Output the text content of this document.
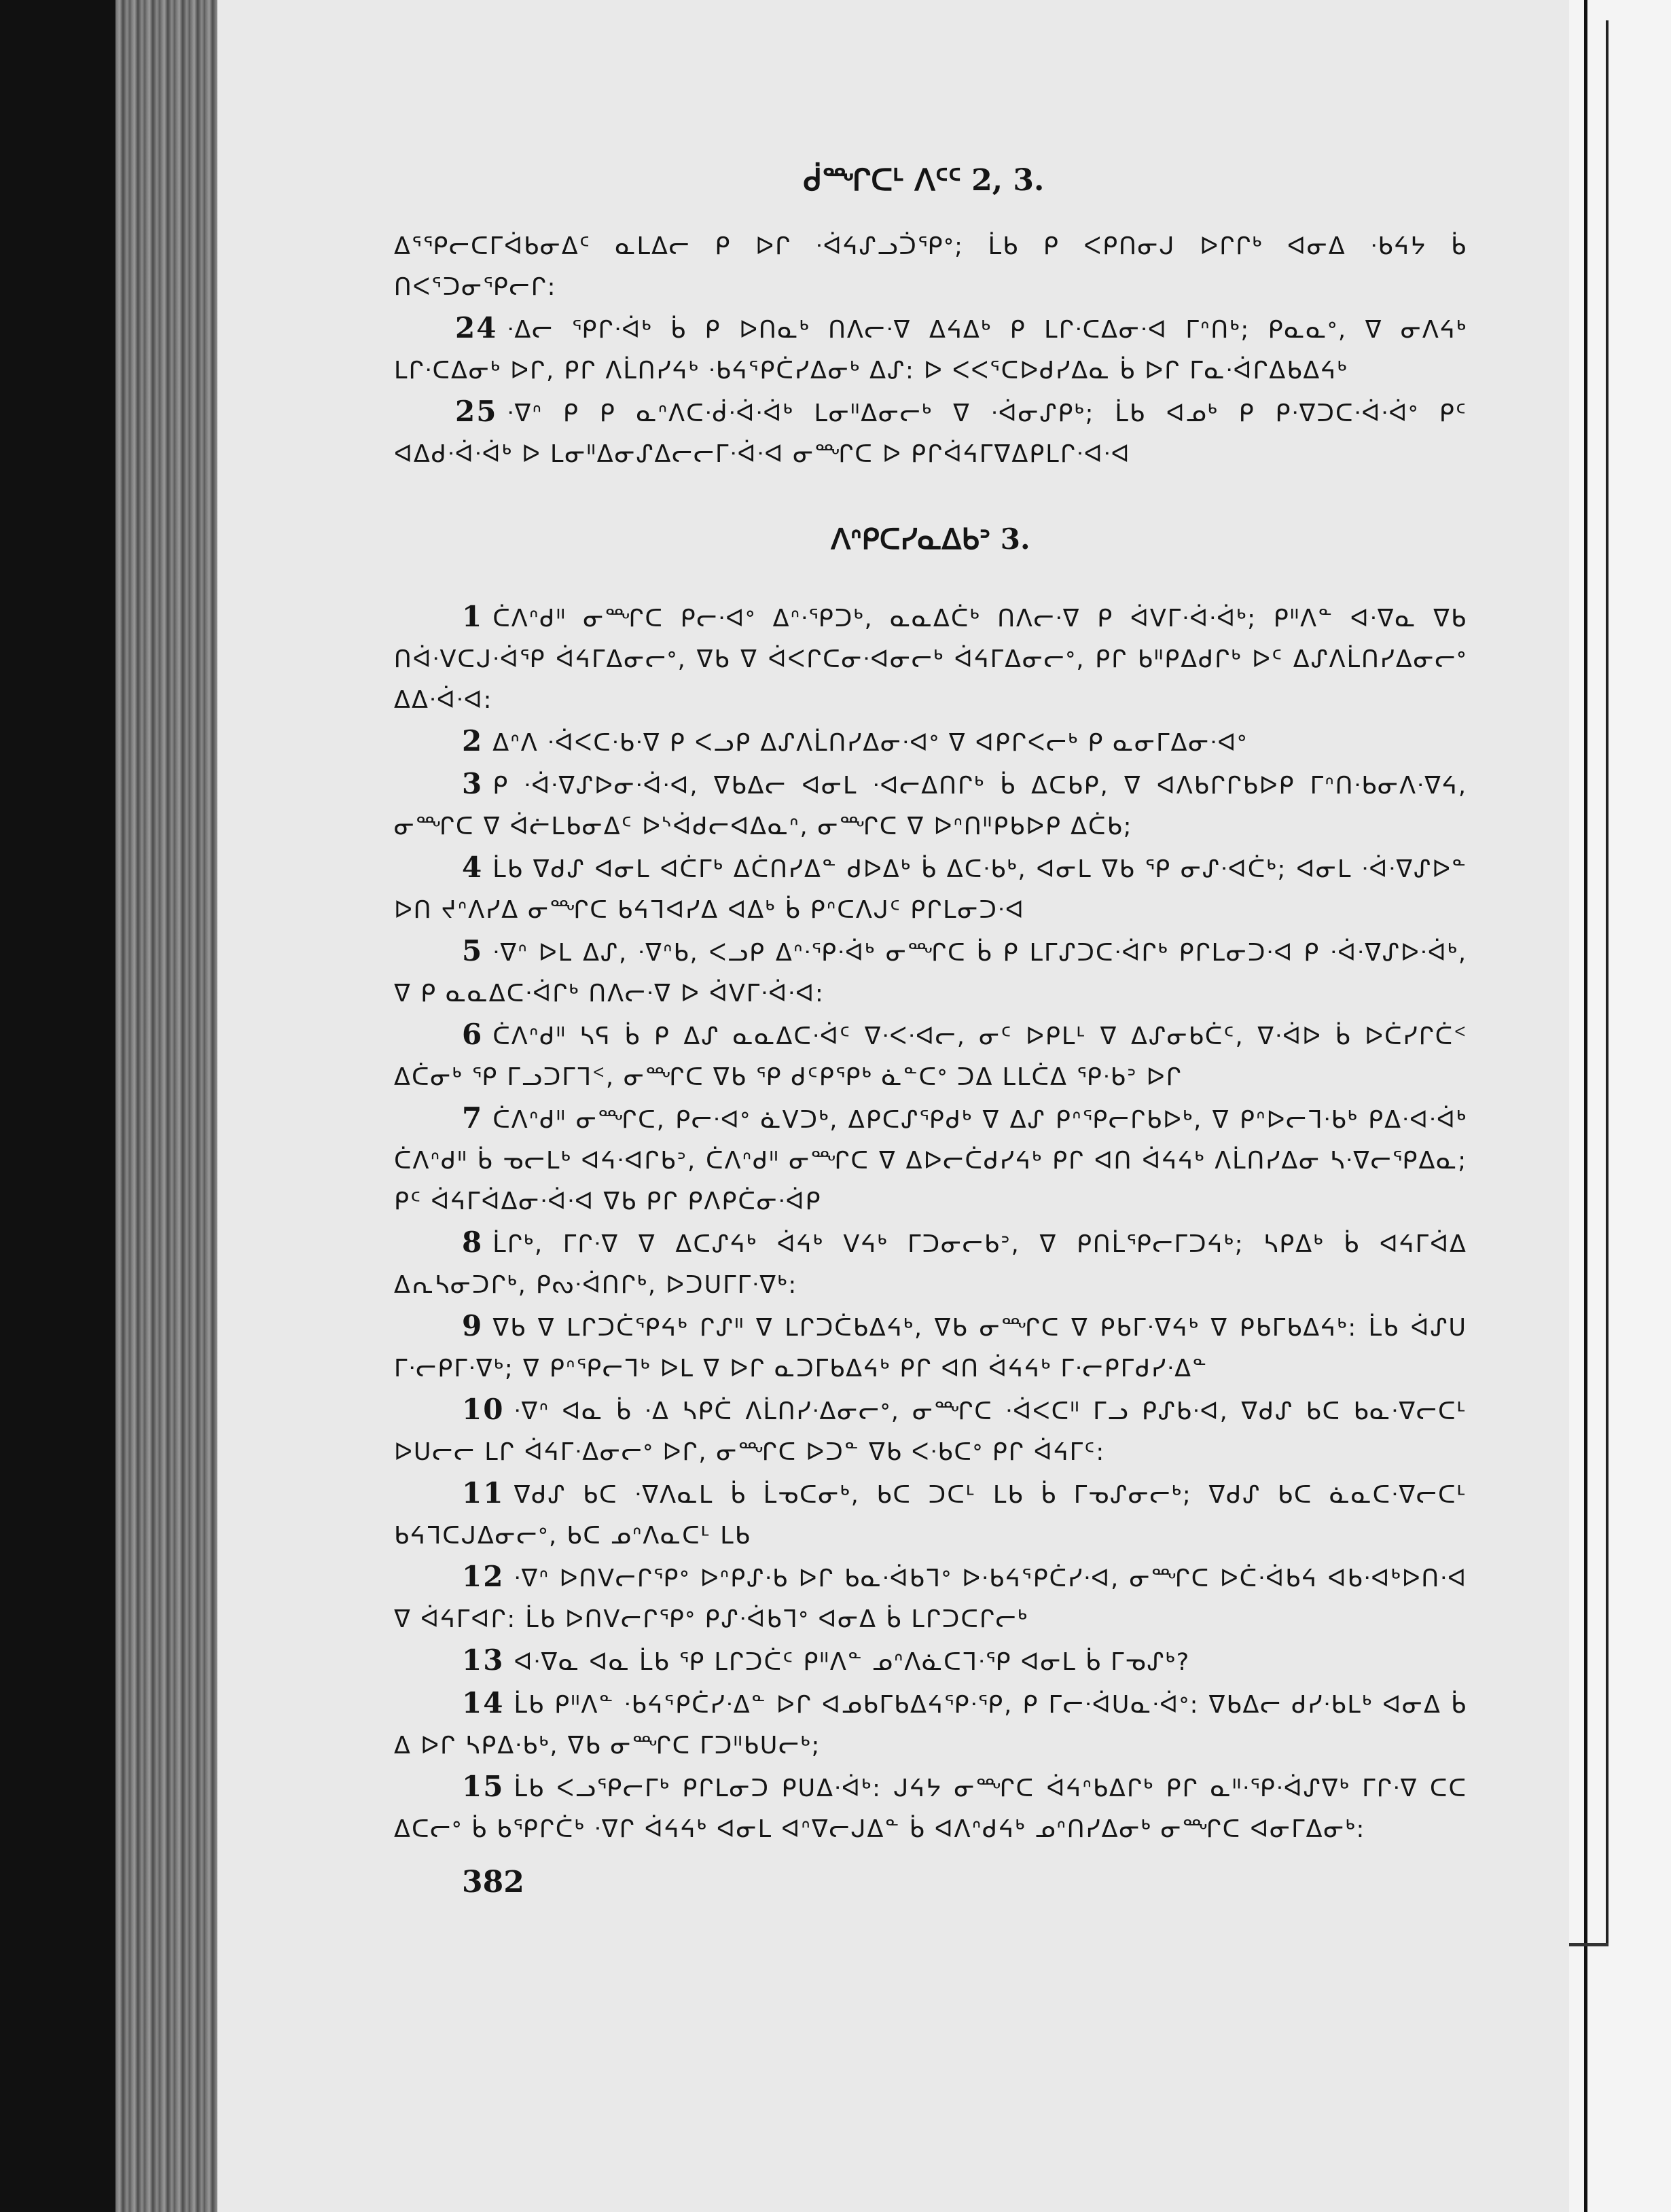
ᑰᙱᑕᒻ ᐱᑦᑦ 2, 3.

ᐃᕐᕿᓕᑕᒥᐋᑲᓂᐃᑦ ᓇᒪᐃᓕ ᑭ ᐅᒋ ᐧᐋᔦᔑᓗᑑᕿᐤ; ᒫᑲ ᑭ ᐸᑭᑎᓂᒍ ᐅᒋᒋᒃ ᐊᓂᐃ ᐧᑲᔦᔭ ᑳ ᑎᐸᕐᑐᓂᕿᓕᒋ:

24 ᐧᐃᓕ ᕿᒋᐧᐋᒃ ᑳ ᑭ ᐅᑎᓇᒃ ᑎᐱᓕᐧᐁ ᐃᔦᐃᒃ ᑭ ᒪᒋᐧᑕᐃᓂᐧᐊ ᒥᐢᑎᒃ; ᑭᓇᓇᐤ, ᐁ ᓂᐱᔦᒃ ᒪᒋᐧᑕᐃᓂᒃ ᐅᒋ, ᑭᒋ ᐱᒫᑎᓯᔦᒃ ᐧᑲᔦᕐᑭᑖᓯᐃᓂᒃ ᐃᔑ: ᐅ ᐸᐸᕐᑕᐅᑯᓯᐃᓇ ᑳ ᐅᒋ ᒥᓇᐧᐋᒋᐃᑲᐃᔦᒃ

25 ᐧᐁᐢ ᑭ ᑭ ᓇᐢᐱᑕᐧᑰᐧᐋᐧᐋᒃ ᒪᓂᐦᐃᓂᓕᒃ ᐁ ᐧᐋᓂᔑᑭᒃ; ᒫᑲ ᐊᓄᒃ ᑭ ᑭᐧᐁᑐᑕᐧᐋᐧᐋᐤ ᑭᑦ ᐊᐃᑯᐧᐋᐧᐋᒃ ᐅ ᒪᓂᐦᐃᓂᔑᐃᓕᓕᒥᐧᐋᐧᐊ ᓂᙱᑕ ᐅ ᑭᒋᐋᔦᒥᐁᐃᑭᒪᒋᐧᐊᐧᐊ

ᐱᐢᑭᑕᓯᓇᐃᑲᐣ 3.

1 ᑖᐱᐢᑯᐦ ᓂᙱᑕ ᑭᓕᐧᐊᐤ ᐃᐢᐧᕿᑐᒃ, ᓇᓇᐃᑖᒃ ᑎᐱᓕᐧᐁ ᑭ ᐋᐯᒥᐧᐋᐧᐋᒃ; ᑭᐦᐱᓐ ᐊᐧᐁᓇ ᐁᑲ ᑎᐋᐧᐯᑕᒍᐧᐋᕿ ᐋᔦᒥᐃᓂᓕᐤ, ᐁᑲ ᐁ ᐋᐸᒋᑕᓂᐧᐊᓂᓕᒃ ᐋᔦᒥᐃᓂᓕᐤ, ᑭᒋ ᑲᐦᑭᐃᑯᒋᒃ ᐅᑦ ᐃᔑᐱᒫᑎᓯᐃᓂᓕᐤ ᐃᐃᐧᐋᐧᐊ:

2 ᐃᐢᐱ ᐧᐋᐸᑕᐧᑲᐧᐁ ᑭ ᐸᓗᑭ ᐃᔑᐱᒫᑎᓯᐃᓂᐧᐊᐤ ᐁ ᐊᑭᒋᐸᓕᒃ ᑭ ᓇᓂᒥᐃᓂᐧᐊᐤ

3 ᑭ ᐧᐋᐧᐁᔑᐅᓂᐧᐋᐧᐊ, ᐁᑲᐃᓕ ᐊᓂᒪ ᐧᐊᓕᐃᑎᒋᒃ ᑳ ᐃᑕᑲᑭ, ᐁ ᐊᐱᑲᒋᒋᑲᐅᑭ ᒥᐢᑎᐧᑲᓂᐱᐧᐁᔦ, ᓂᙱᑕ ᐁ ᐋᓖᒪᑲᓂᐃᑦ ᐅᔅᐋᑯᓕᐊᐃᓇᐢ, ᓂᙱᑕ ᐁ ᐅᐢᑎᐦᑭᑲᐅᑭ ᐃᑖᑲ;

4 ᒫᑲ ᐁᑯᔑ ᐊᓂᒪ ᐊᑖᒥᒃ ᐃᑖᑎᓯᐃᓐ ᑯᐅᐃᒃ ᑳ ᐃᑕᐧᑲᒃ, ᐊᓂᒪ ᐁᑲ ᕿ ᓂᔑᐧᐊᑖᒃ; ᐊᓂᒪ ᐧᐋᐧᐁᔑᐅᓐ ᐅᑎ ᔪᐢᐱᓯᐃ ᓂᙱᑕ ᑲᔦᒣᐊᓯᐃ ᐊᐃᒃ ᑳ ᑭᐢᑕᐱᒍᑦ ᑭᒋᒪᓂᑐᐧᐊ

5 ᐧᐁᐢ ᐅᒪ ᐃᔑ, ᐧᐁᐢᑲ, ᐸᓗᑭ ᐃᐢᐧᕿᐧᐋᒃ ᓂᙱᑕ ᑳ ᑭ ᒪᒥᔑᑐᑕᐧᐋᒋᒃ ᑭᒋᒪᓂᑐᐧᐊ ᑭ ᐧᐋᐧᐁᔑᐅᐧᐋᒃ, ᐁ ᑭ ᓇᓇᐃᑕᐧᐋᒋᒃ ᑎᐱᓕᐧᐁ ᐅ ᐋᐯᒥᐧᐋᐧᐊ:

6 ᑖᐱᐢᑯᐦ ᓴᕋ ᑳ ᑭ ᐃᔑ ᓇᓇᐃᑕᐧᐋᑦ ᐁᐧᐸᐧᐊᓕ, ᓂᑦ ᐅᑭᒪᒻ ᐁ ᐃᔑᓂᑲᑖᑦ, ᐁᐧᐋᐅ ᑳ ᐅᑖᓯᒋᑖᑉ ᐃᑖᓂᒃ ᕿ ᒥᓗᑐᒥᒣᑉ, ᓂᙱᑕ ᐁᑲ ᕿ ᑯᑦᑭᕿᒃ ᓈᓐᑕᐤ ᑐᐃ ᒪᒪᑖᐃ ᕿᐧᑲᐣ ᐅᒋ

7 ᑖᐱᐢᑯᐦ ᓂᙱᑕ, ᑭᓕᐧᐊᐤ ᓈᐯᑐᒃ, ᐃᑭᑕᔑᕿᑯᒃ ᐁ ᐃᔑ ᑭᐢᕿᓕᒋᑲᐅᒃ, ᐁ ᑭᐢᐅᓕᒣᐧᑲᒃ ᑭᐃᐧᐊᐧᐋᒃ ᑖᐱᐢᑯᐦ ᑳ ᓀᓕᒪᒃ ᐊᔦᐧᐊᒋᑲᐣ, ᑖᐱᐢᑯᐦ ᓂᙱᑕ ᐁ ᐃᐅᓕᑖᑯᓯᔦᒃ ᑭᒋ ᐊᑎ ᐋᔦᔦᒃ ᐱᒫᑎᓯᐃᓂ ᓴᐧᐁᓕᕿᐃᓇ; ᑭᑦ ᐋᔦᒥᐋᐃᓂᐧᐋᐧᐊ ᐁᑲ ᑭᒋ ᑭᐱᑭᑖᓂᐧᐋᑭ

8 ᒫᒋᒃ, ᒥᒋᐧᐁ ᐁ ᐃᑕᔑᔦᒃ ᐋᔦᒃ ᐯᔦᒃ ᒥᑐᓂᓕᑲᐣ, ᐁ ᑭᑎᒫᕿᓕᒥᑐᔦᒃ; ᓴᑭᐃᒃ ᑳ ᐊᔦᒥᐋᐃ ᐃᕆᓴᓂᑐᒋᒃ, ᑭᔓᐧᐋᑎᒋᒃ, ᐅᑐᑌᒥᒥᐧᐁᒃ:

9 ᐁᑲ ᐁ ᒪᒋᑐᑖᕿᔦᒃ ᒋᔑᐦ ᐁ ᒪᒋᑐᑖᑲᐃᔦᒃ, ᐁᑲ ᓂᙱᑕ ᐁ ᑭᑲᒥᐧᐁᔦᒃ ᐁ ᑭᑲᒥᑲᐃᔦᒃ: ᒫᑲ ᐋᔑᑌ ᒥᐧᓕᑭᒥᐧᐁᒃ; ᐁ ᑭᐢᕿᓕᒣᒃ ᐅᒪ ᐁ ᐅᒋ ᓇᑐᒥᑲᐃᔦᒃ ᑭᒋ ᐊᑎ ᐋᔦᔦᒃ ᒥᐧᓕᑭᒥᑯᓯᐧᐃᓐ

10 ᐧᐁᐢ ᐊᓇ ᑳ ᐧᐃ ᓴᑭᑖ ᐱᒫᑎᓯᐧᐃᓂᓕᐤ, ᓂᙱᑕ ᐧᐋᐸᑕᐦ ᒥᓗ ᑭᔑᑲᐧᐊ, ᐁᑯᔑ ᑲᑕ ᑲᓇᐧᐁᓕᑕᒻ ᐅᑌᓕᓕ ᒪᒋ ᐋᔦᒥᐧᐃᓂᓕᐤ ᐅᒋ, ᓂᙱᑕ ᐅᑐᓐ ᐁᑲ ᐸᐧᑲᑕᐤ ᑭᒋ ᐋᔦᒥᑦ:

11 ᐁᑯᔑ ᑲᑕ ᐧᐁᐱᓇᒪ ᑳ ᒫᓀᑕᓂᒃ, ᑲᑕ ᑐᑕᒻ ᒪᑲ ᑳ ᒥᓀᔑᓂᓕᒃ; ᐁᑯᔑ ᑲᑕ ᓈᓇᑕᐧᐁᓕᑕᒻ ᑲᔦᒣᑕᒍᐃᓂᓕᐤ, ᑲᑕ ᓄᐢᐱᓇᑕᒻ ᒪᑲ

12 ᐧᐁᐢ ᐅᑎᐯᓕᒋᕿᐤ ᐅᐢᑭᔑᐧᑲ ᐅᒋ ᑲᓇᐧᐋᑲᒣᐤ ᐅᐧᑲᔦᕐᑭᑖᓯᐧᐊ, ᓂᙱᑕ ᐅᑖᐧᐋᑲᔦ ᐊᑲᐧᐊᒃᐅᑎᐧᐊ ᐁ ᐋᔦᒥᐊᒋ: ᒫᑲ ᐅᑎᐯᓕᒋᕿᐤ ᑭᔑᐧᐋᑲᒣᐤ ᐊᓂᐃ ᑳ ᒪᒋᑐᑕᒋᓕᒃ

13 ᐊᐧᐁᓇ ᐊᓇ ᒫᑲ ᕿ ᒪᒋᑐᑖᑦ ᑭᐦᐱᓐ ᓄᐢᐱᓈᑕᒣᐧᕿ ᐊᓂᒪ ᑳ ᒥᓀᔑᒃ?

14 ᒫᑲ ᑭᐦᐱᓐ ᐧᑲᔦᕐᑭᑖᓯᐧᐃᓐ ᐅᒋ ᐊᓄᑲᒥᑲᐃᔦᕿᐧᕿ, ᑭ ᒥᓕᐧᐋᑌᓇᐧᐋᐤ: ᐁᑲᐃᓕ ᑯᓯᐧᑲᒪᒃ ᐊᓂᐃ ᑳ ᐃ ᐅᒋ ᓴᑭᐃᐧᑲᒃ, ᐁᑲ ᓂᙱᑕ ᒥᑐᐦᑲᑌᓕᒃ;

15 ᒫᑲ ᐸᓗᕿᓕᒥᒃ ᑭᒋᒪᓂᑐ ᑭᑌᐃᐧᐋᒃ: ᒍᔦᔭ ᓂᙱᑕ ᐋᔦᐢᑲᐃᒋᒃ ᑭᒋ ᓇᐦᐧᕿᐧᐋᔑᐁᒃ ᒥᒋᐧᐁ ᑕᑕ ᐃᑕᓕᐤ ᑳ ᑲᕿᒋᑖᒃ ᐧᐁᒋ ᐋᔦᔦᒃ ᐊᓂᒪ ᐊᐢᐁᓕᒍᐃᓐ ᑳ ᐊᐱᐢᑯᔦᒃ ᓄᐢᑎᓯᐃᓂᒃ ᓂᙱᑕ ᐊᓂᒥᐃᓂᒃ:

382
